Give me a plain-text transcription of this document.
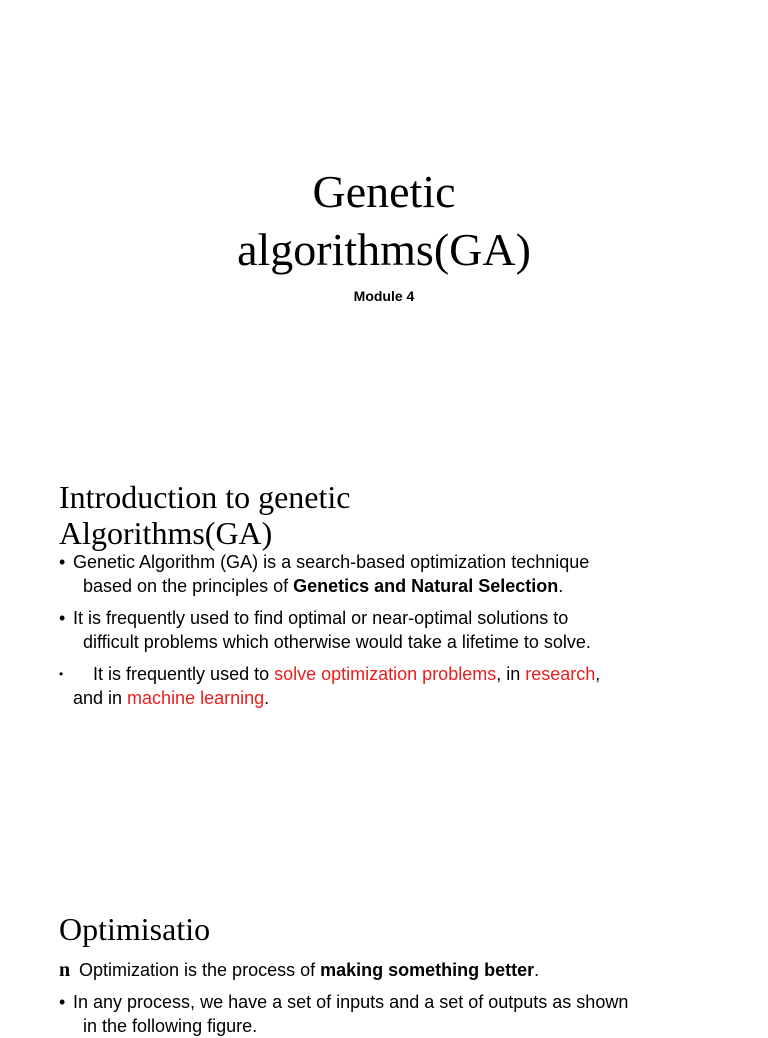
Genetic
algorithms(GA)
Module 4
Introduction to genetic
Algorithms(GA)
• Genetic Algorithm (GA) is a search-based optimization technique
based on the principles of Genetics and Natural Selection.
• It is frequently used to find optimal or near-optimal solutions to
difficult problems which otherwise would take a lifetime to solve.
•	It is frequently used to solve optimization problems, in research,
and in machine learning.
Optimisatio
n Optimization is the process of making something better.
• In any process, we have a set of inputs and a set of outputs as shown
in the following figure.
